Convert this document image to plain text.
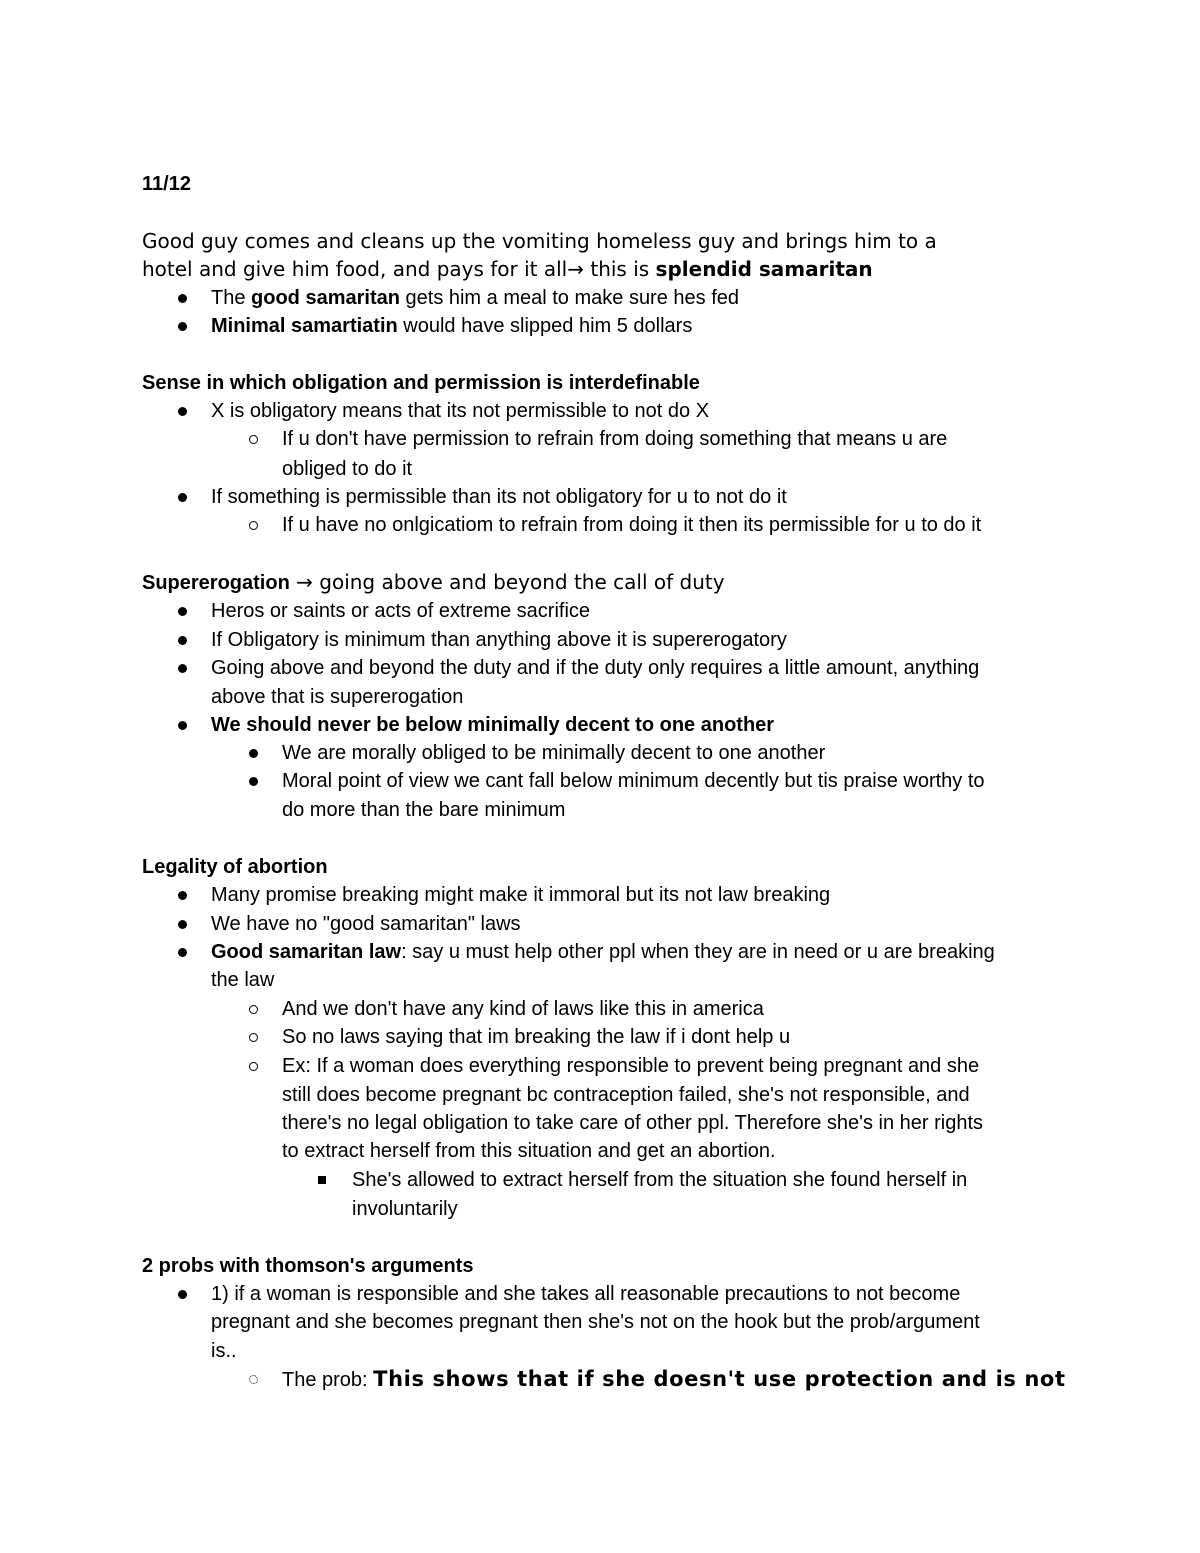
11/12
Good guy comes and cleans up the vomiting homeless guy and brings him to a
hotel and give him food, and pays for it all→ this is splendid samaritan
The good samaritan gets him a meal to make sure hes fed
Minimal samartiatin would have slipped him 5 dollars
Sense in which obligation and permission is interdefinable
X is obligatory means that its not permissible to not do X
If u don't have permission to refrain from doing something that means u are
obliged to do it
If something is permissible than its not obligatory for u to not do it
If u have no onlgicatiom to refrain from doing it then its permissible for u to do it
Supererogation → going above and beyond the call of duty
Heros or saints or acts of extreme sacrifice
If Obligatory is minimum than anything above it is supererogatory
Going above and beyond the duty and if the duty only requires a little amount, anything
above that is supererogation
We should never be below minimally decent to one another
We are morally obliged to be minimally decent to one another
Moral point of view we cant fall below minimum decently but tis praise worthy to
do more than the bare minimum
Legality of abortion
Many promise breaking might make it immoral but its not law breaking
We have no "good samaritan" laws
Good samaritan law: say u must help other ppl when they are in need or u are breaking
the law
And we don't have any kind of laws like this in america
So no laws saying that im breaking the law if i dont help u
Ex: If a woman does everything responsible to prevent being pregnant and she
still does become pregnant bc contraception failed, she's not responsible, and
there's no legal obligation to take care of other ppl. Therefore she's in her rights
to extract herself from this situation and get an abortion.
She's allowed to extract herself from the situation she found herself in
involuntarily
2 probs with thomson's arguments
1) if a woman is responsible and she takes all reasonable precautions to not become
pregnant and she becomes pregnant then she's not on the hook but the prob/argument
is..
The prob: This shows that if she doesn't use protection and is not
